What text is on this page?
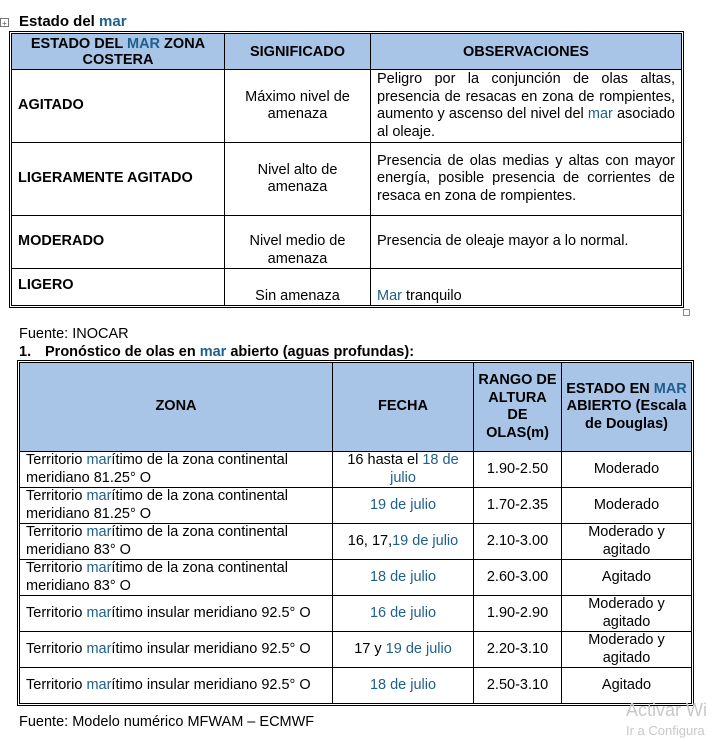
+ Estado del mar
ESTADO DEL MAR ZONA COSTERA	SIGNIFICADO	OBSERVACIONES
AGITADO	Máximo nivel de amenaza	Peligro por la conjunción de olas altas, presencia de resacas en zona de rompientes, aumento y ascenso del nivel del mar asociado al oleaje.
LIGERAMENTE AGITADO	Nivel alto de amenaza	Presencia de olas medias y altas con mayor energía, posible presencia de corrientes de resaca en zona de rompientes.
MODERADO	Nivel medio de amenaza	Presencia de oleaje mayor a lo normal.
LIGERO	Sin amenaza	Mar tranquilo
Fuente: INOCAR
1. Pronóstico de olas en mar abierto (aguas profundas):
ZONA	FECHA	RANGO DE ALTURA DE OLAS(m)	ESTADO EN MAR ABIERTO (Escala de Douglas)
Territorio marítimo de la zona continental meridiano 81.25° O	16 hasta el 18 de julio	1.90-2.50	Moderado
Territorio marítimo de la zona continental meridiano 81.25° O	19 de julio	1.70-2.35	Moderado
Territorio marítimo de la zona continental meridiano 83° O	16, 17,19 de julio	2.10-3.00	Moderado y agitado
Territorio marítimo de la zona continental meridiano 83° O	18 de julio	2.60-3.00	Agitado
Territorio marítimo insular meridiano 92.5° O	16 de julio	1.90-2.90	Moderado y agitado
Territorio marítimo insular meridiano 92.5° O	17 y 19 de julio	2.20-3.10	Moderado y agitado
Territorio marítimo insular meridiano 92.5° O	18 de julio	2.50-3.10	Agitado
Fuente: Modelo numérico MFWAM – ECMWF
Activar Wi
Ir a Configura
